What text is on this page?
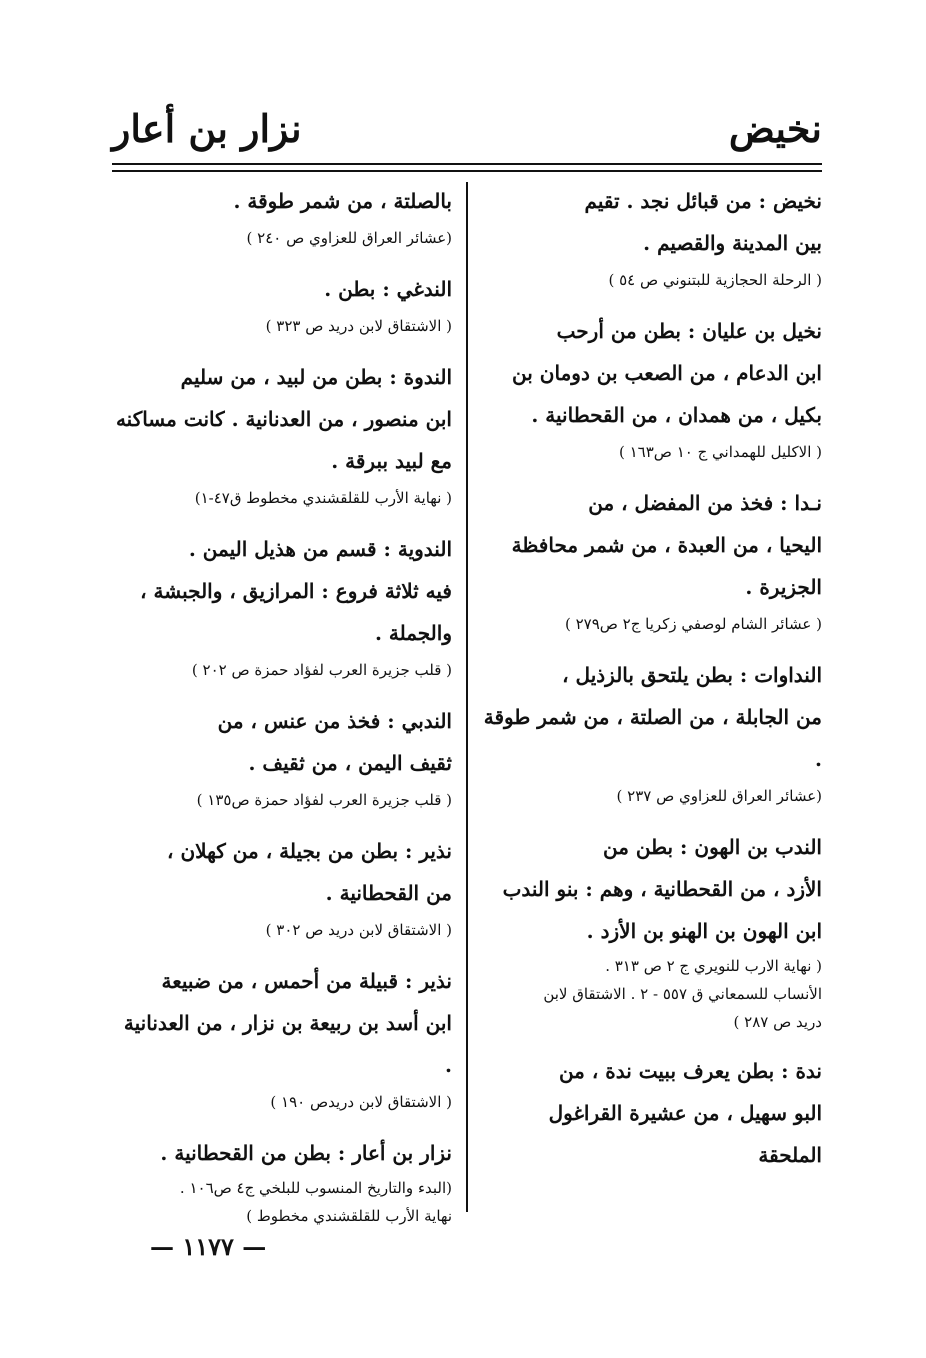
نخيض
نزار بن أعار

نخيض : من قبائل نجد . تقيم

بين المدينة والقصيم .

( الرحلة الحجازية للبتنوني ص ٥٤ )

نخيل بن عليان : بطن من أرحب

ابن الدعام ، من الصعب بن دومان بن

بكيل ، من همدان ، من القحطانية .

( الاكليل للهمداني ج ١٠ ص١٦٣ )

نـدا : فخذ من المفضل ، من

اليحيا ، من العبدة ، من شمر محافظة

الجزيرة .

( عشائر الشام لوصفي زكريا ج٢ ص٢٧٩ )

النداوات : بطن يلتحق بالزذيل ،

من الجابلة ، من الصلتة ، من شمر طوقة .

(عشائر العراق للعزاوي ص ٢٣٧ )

الندب بن الهون : بطن من

الأزد ، من القحطانية ، وهم : بنو الندب

ابن الهون بن الهنو بن الأزد .

( نهاية الارب للنويري ج ٢ ص ٣١٣ .

الأنساب للسمعاني ق ٥٥٧ - ٢ . الاشتقاق لابن

دريد ص ٢٨٧ )

ندة : بطن يعرف ببيت ندة ، من

البو سهيل ، من عشيرة القراغول الملحقة

بالصلتة ، من شمر طوقة .

(عشائر العراق للعزاوي ص ٢٤٠ )

الندغي : بطن .

( الاشتقاق لابن دريد ص ٣٢٣ )

الندوة : بطن من لبيد ، من سليم

ابن منصور ، من العدنانية . كانت مساكنه

مع لبيد ببرقة .

( نهاية الأرب للقلقشندي مخطوط ق٤٧-١)

الندوية : قسم من هذيل اليمن .

فيه ثلاثة فروع : المرازيق ، والجبشة ،

والجملة .

( قلب جزيرة العرب لفؤاد حمزة ص ٢٠٢ )

الندبي : فخذ من عنس ، من

ثقيف اليمن ، من ثقيف .

( قلب جزيرة العرب لفؤاد حمزة ص١٣٥ )

نذير : بطن من بجيلة ، من كهلان ،

من القحطانية .

( الاشتقاق لابن دريد ص ٣٠٢ )

نذير : قبيلة من أحمس ، من ضبيعة

ابن أسد بن ربيعة بن نزار ، من العدنانية .

( الاشتقاق لابن دريدص ١٩٠ )

نزار بن أعار : بطن من القحطانية .

(البدء والتاريخ المنسوب للبلخي ج٤ ص١٠٦ .

نهاية الأرب للقلقشندي مخطوط )

— ١١٧٧ —
